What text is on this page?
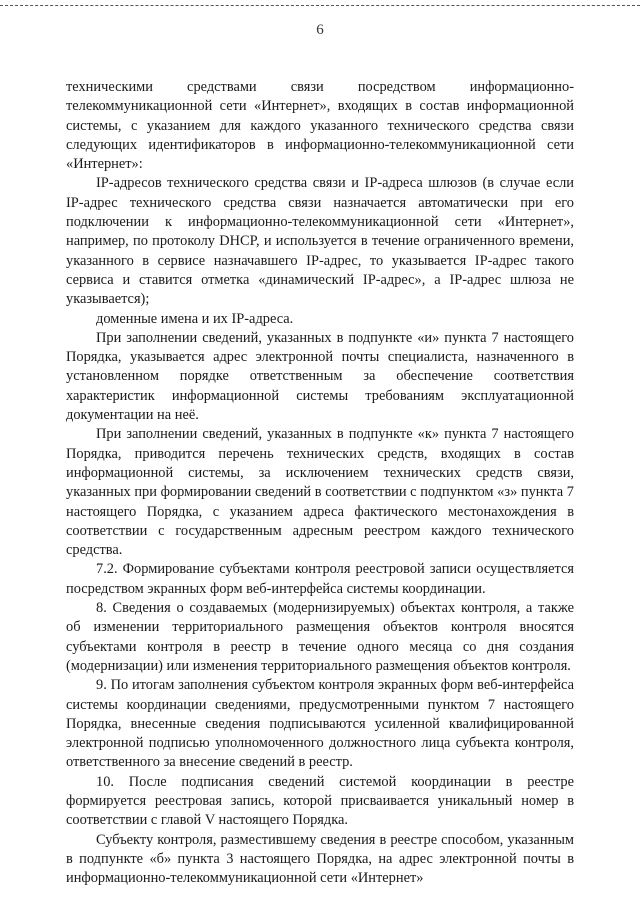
6

техническими средствами связи посредством информационно-телекоммуникационной сети «Интернет», входящих в состав информационной системы, с указанием для каждого указанного технического средства связи следующих идентификаторов в информационно-телекоммуникационной сети «Интернет»:

IP-адресов технического средства связи и IP-адреса шлюзов (в случае если IP-адрес технического средства связи назначается автоматически при его подключении к информационно-телекоммуникационной сети «Интернет», например, по протоколу DHCP, и используется в течение ограниченного времени, указанного в сервисе назначавшего IP-адрес, то указывается IP-адрес такого сервиса и ставится отметка «динамический IP-адрес», а IP-адрес шлюза не указывается);

доменные имена и их IP-адреса.

При заполнении сведений, указанных в подпункте «и» пункта 7 настоящего Порядка, указывается адрес электронной почты специалиста, назначенного в установленном порядке ответственным за обеспечение соответствия характеристик информационной системы требованиям эксплуатационной документации на неё.

При заполнении сведений, указанных в подпункте «к» пункта 7 настоящего Порядка, приводится перечень технических средств, входящих в состав информационной системы, за исключением технических средств связи, указанных при формировании сведений в соответствии с подпунктом «з» пункта 7 настоящего Порядка, с указанием адреса фактического местонахождения в соответствии с государственным адресным реестром каждого технического средства.

7.2. Формирование субъектами контроля реестровой записи осуществляется посредством экранных форм веб-интерфейса системы координации.

8. Сведения о создаваемых (модернизируемых) объектах контроля, а также об изменении территориального размещения объектов контроля вносятся субъектами контроля в реестр в течение одного месяца со дня создания (модернизации) или изменения территориального размещения объектов контроля.

9. По итогам заполнения субъектом контроля экранных форм веб-интерфейса системы координации сведениями, предусмотренными пунктом 7 настоящего Порядка, внесенные сведения подписываются усиленной квалифицированной электронной подписью уполномоченного должностного лица субъекта контроля, ответственного за внесение сведений в реестр.

10. После подписания сведений системой координации в реестре формируется реестровая запись, которой присваивается уникальный номер в соответствии с главой V настоящего Порядка.

Субъекту контроля, разместившему сведения в реестре способом, указанным в подпункте «б» пункта 3 настоящего Порядка, на адрес электронной почты в информационно-телекоммуникационной сети «Интернет»
